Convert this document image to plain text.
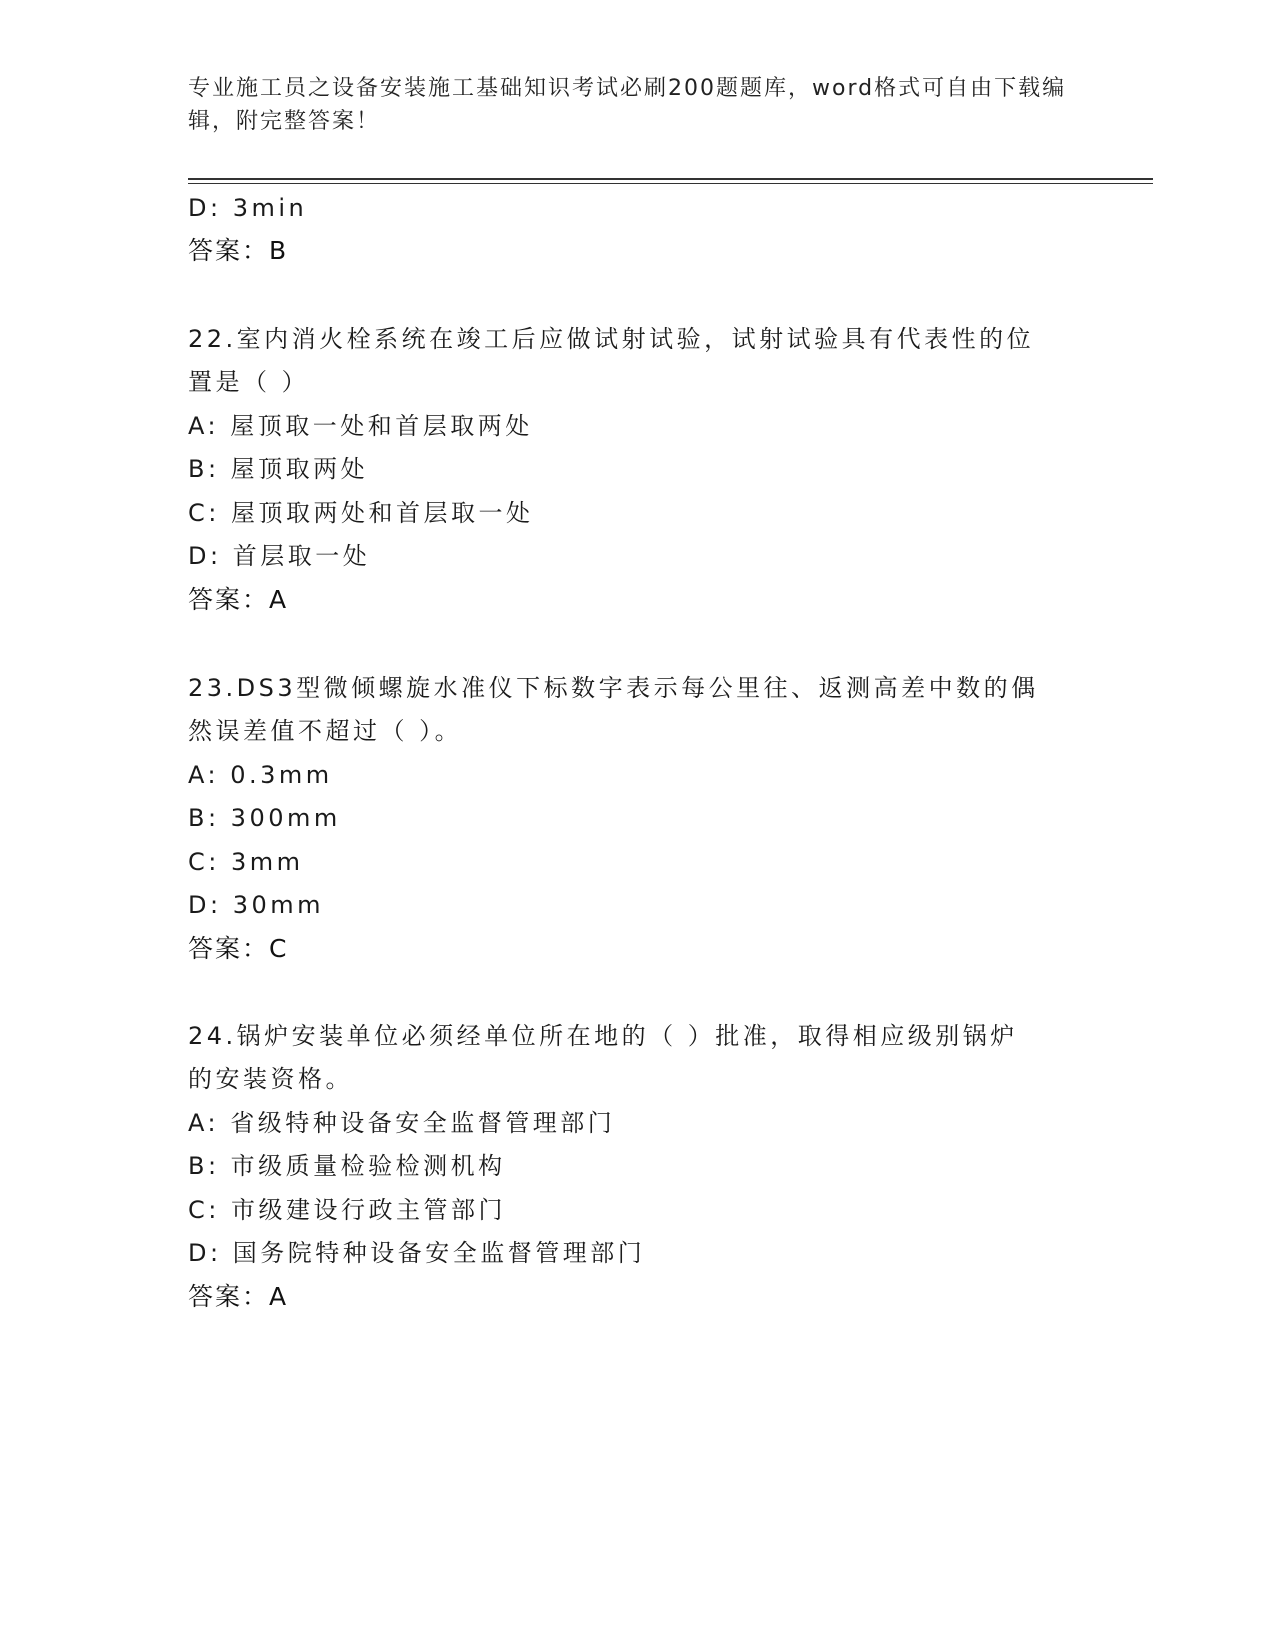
专业施工员之设备安装施工基础知识考试必刷200题题库，word格式可自由下载编辑，附完整答案！
D: 3min
答案：B
22.室内消火栓系统在竣工后应做试射试验，试射试验具有代表性的位
置是（ ）
A: 屋顶取一处和首层取两处
B: 屋顶取两处
C: 屋顶取两处和首层取一处
D: 首层取一处
答案：A
23.DS3型微倾螺旋水准仪下标数字表示每公里往、返测高差中数的偶
然误差值不超过（ ）。
A: 0.3mm
B: 300mm
C: 3mm
D: 30mm
答案：C
24.锅炉安装单位必须经单位所在地的（ ）批准，取得相应级别锅炉
的安装资格。
A: 省级特种设备安全监督管理部门
B: 市级质量检验检测机构
C: 市级建设行政主管部门
D: 国务院特种设备安全监督管理部门
答案：A
